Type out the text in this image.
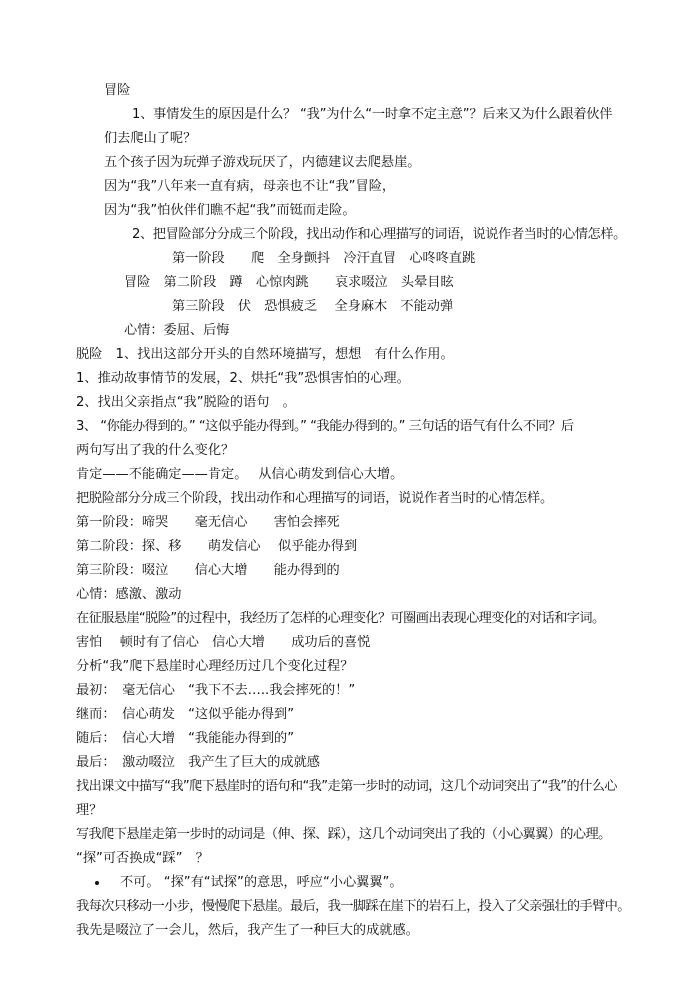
冒险
1、事情发生的原因是什么？ “我”为什么“一时拿不定主意”？后来又为什么跟着伙伴
们去爬山了呢？
五个孩子因为玩弹子游戏玩厌了，内德建议去爬悬崖。
因为“我”八年来一直有病，母亲也不让“我”冒险，
因为“我”怕伙伴们瞧不起“我”而铤而走险。
2、把冒险部分分成三个阶段，找出动作和心理描写的词语，说说作者当时的心情怎样。
第一阶段　　爬　全身颤抖　冷汗直冒　心咚咚直跳
冒险　第二阶段　蹲　心惊肉跳　　哀求啜泣　头晕目眩
第三阶段　伏　恐惧疲乏　 全身麻木　不能动弹
心情：委屈、后悔
脱险　1、找出这部分开头的自然环境描写，想想　有什么作用。
1、推动故事情节的发展，2、烘托“我”恐惧害怕的心理。
2、找出父亲指点“我”脱险的语句　。
3、 “你能办得到的。” “这似乎能办得到。” “我能办得到的。” 三句话的语气有什么不同？后
两句写出了我的什么变化？
肯定——不能确定——肯定。　 从信心萌发到信心大增。
把脱险部分分成三个阶段，找出动作和心理描写的词语，说说作者当时的心情怎样。
第一阶段：啼哭　　毫无信心　　害怕会摔死
第二阶段：探、移　　萌发信心　 似乎能办得到
第三阶段：啜泣　　信心大增　　能办得到的
心情：感激、激动
在征服悬崖“脱险”的过程中，我经历了怎样的心理变化？可圈画出表现心理变化的对话和字词。
害怕　 顿时有了信心　信心大增　　成功后的喜悦
分析“我”爬下悬崖时心理经历过几个变化过程？
最初：　毫无信心　“我下不去…..我会摔死的！”
继而：　信心萌发　“这似乎能办得到”
随后：　信心大增　“我能能办得到的”
最后：　激动啜泣　我产生了巨大的成就感
找出课文中描写“我”爬下悬崖时的语句和“我”走第一步时的动词，这几个动词突出了“我”的什么心
理？
写我爬下悬崖走第一步时的动词是（伸、探、踩），这几个动词突出了我的（小心翼翼）的心理。
“探”可否换成“踩”　？
不可。 “探”有“试探”的意思，呼应“小心翼翼”。
我每次只移动一小步，慢慢爬下悬崖。最后，我一脚踩在崖下的岩石上，投入了父亲强壮的手臂中。
我先是啜泣了一会儿，然后，我产生了一种巨大的成就感。
